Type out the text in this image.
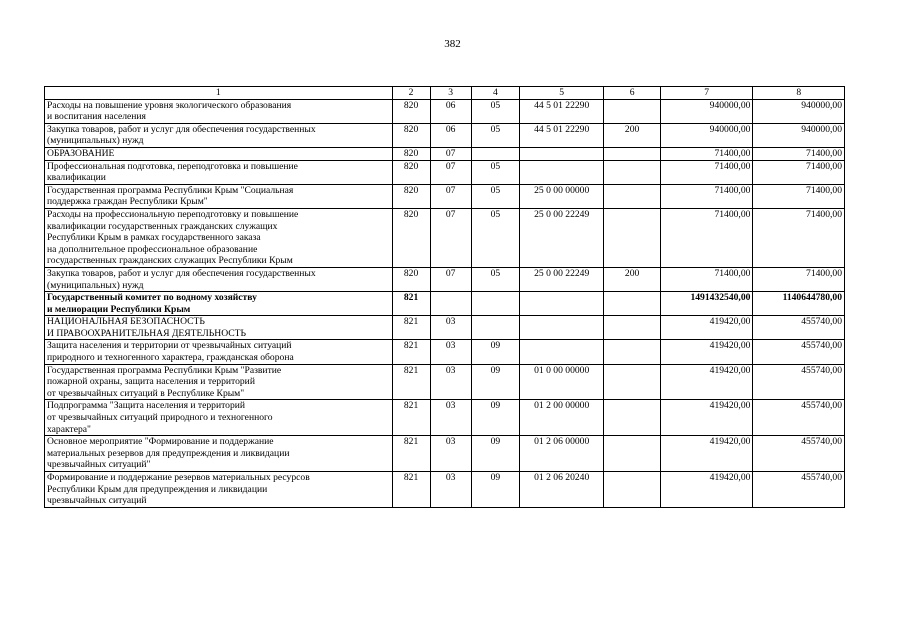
382
1	2	3	4	5	6	7	8
Расходы на повышение уровня экологического образования
и воспитания населения	820	06	05	44 5 01 22290		940000,00	940000,00
Закупка товаров, работ и услуг для обеспечения государственных
(муниципальных) нужд	820	06	05	44 5 01 22290	200	940000,00	940000,00
ОБРАЗОВАНИЕ	820	07				71400,00	71400,00
Профессиональная подготовка, переподготовка и повышение
квалификации	820	07	05			71400,00	71400,00
Государственная программа Республики Крым "Социальная
поддержка граждан Республики Крым"	820	07	05	25 0 00 00000		71400,00	71400,00
Расходы на профессиональную переподготовку и повышение
квалификации государственных гражданских служащих
Республики Крым в рамках государственного заказа
на дополнительное профессиональное образование
государственных гражданских служащих Республики Крым	820	07	05	25 0 00 22249		71400,00	71400,00
Закупка товаров, работ и услуг для обеспечения государственных
(муниципальных) нужд	820	07	05	25 0 00 22249	200	71400,00	71400,00
Государственный комитет по водному хозяйству
и мелиорации Республики Крым	821					1491432540,00	1140644780,00
НАЦИОНАЛЬНАЯ БЕЗОПАСНОСТЬ
И ПРАВООХРАНИТЕЛЬНАЯ ДЕЯТЕЛЬНОСТЬ	821	03				419420,00	455740,00
Защита населения и территории от чрезвычайных ситуаций
природного и техногенного характера, гражданская оборона	821	03	09			419420,00	455740,00
Государственная программа Республики Крым "Развитие
пожарной охраны, защита населения и территорий
от чрезвычайных ситуаций в Республике Крым"	821	03	09	01 0 00 00000		419420,00	455740,00
Подпрограмма "Защита населения и территорий
от чрезвычайных ситуаций природного и техногенного
характера"	821	03	09	01 2 00 00000		419420,00	455740,00
Основное мероприятие "Формирование и поддержание
материальных резервов для предупреждения и ликвидации
чрезвычайных ситуаций"	821	03	09	01 2 06 00000		419420,00	455740,00
Формирование и поддержание резервов материальных ресурсов
Республики Крым для предупреждения и ликвидации
чрезвычайных ситуаций	821	03	09	01 2 06 20240		419420,00	455740,00
